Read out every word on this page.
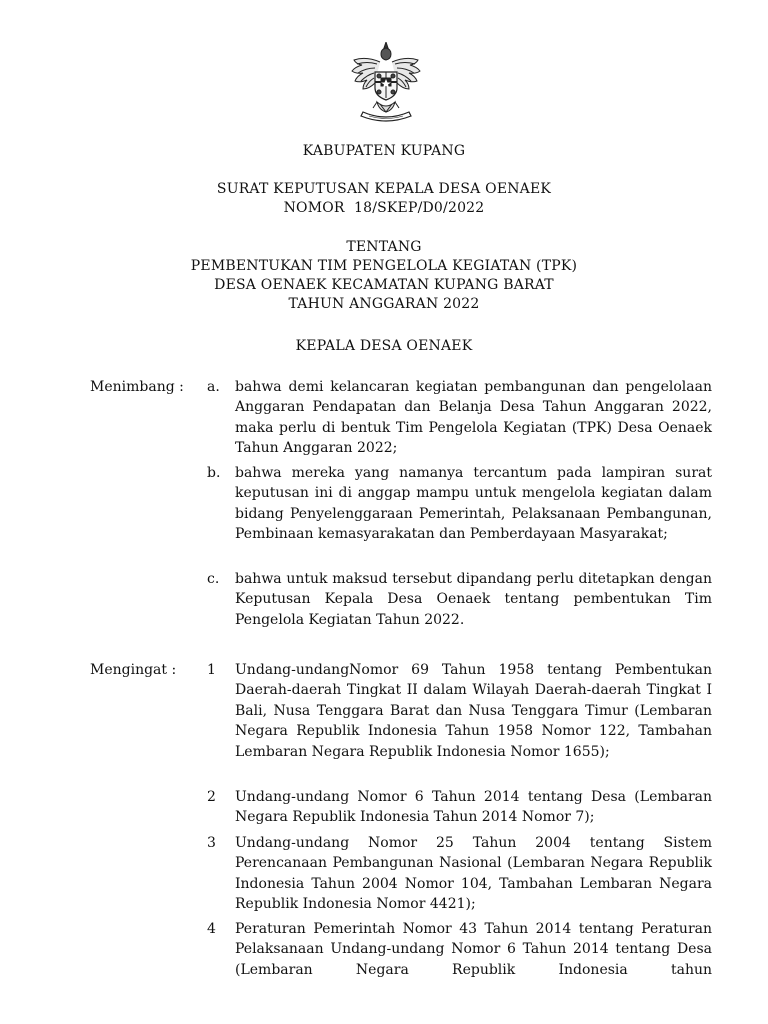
KABUPATEN KUPANG
SURAT KEPUTUSAN KEPALA DESA OENAEK
NOMOR  18/SKEP/D0/2022
TENTANG
PEMBENTUKAN TIM PENGELOLA KEGIATAN (TPK)
DESA OENAEK KECAMATAN KUPANG BARAT
TAHUN ANGGARAN 2022
KEPALA DESA OENAEK
Menimbang : a. bahwa demi kelancaran kegiatan pembangunan dan pengelolaan Anggaran Pendapatan dan Belanja Desa Tahun Anggaran 2022, maka perlu di bentuk Tim Pengelola Kegiatan (TPK) Desa Oenaek Tahun Anggaran 2022;
b. bahwa mereka yang namanya tercantum pada lampiran surat keputusan ini di anggap mampu untuk mengelola kegiatan dalam bidang Penyelenggaraan Pemerintah, Pelaksanaan Pembangunan, Pembinaan kemasyarakatan dan Pemberdayaan Masyarakat;
c. bahwa untuk maksud tersebut dipandang perlu ditetapkan dengan Keputusan Kepala Desa Oenaek tentang pembentukan Tim Pengelola Kegiatan Tahun 2022.
Mengingat : 1 Undang-undangNomor 69 Tahun 1958 tentang Pembentukan Daerah-daerah Tingkat II dalam Wilayah Daerah-daerah Tingkat I Bali, Nusa Tenggara Barat dan Nusa Tenggara Timur (Lembaran Negara Republik Indonesia Tahun 1958 Nomor 122, Tambahan Lembaran Negara Republik Indonesia Nomor 1655);
2 Undang-undang Nomor 6 Tahun 2014 tentang Desa (Lembaran Negara Republik Indonesia Tahun 2014 Nomor 7);
3 Undang-undang Nomor 25 Tahun 2004 tentang Sistem Perencanaan Pembangunan Nasional (Lembaran Negara Republik Indonesia Tahun 2004 Nomor 104, Tambahan Lembaran Negara Republik Indonesia Nomor 4421);
4 Peraturan Pemerintah Nomor 43 Tahun 2014 tentang Peraturan Pelaksanaan Undang-undang Nomor 6 Tahun 2014 tentang Desa (Lembaran Negara Republik Indonesia tahun
